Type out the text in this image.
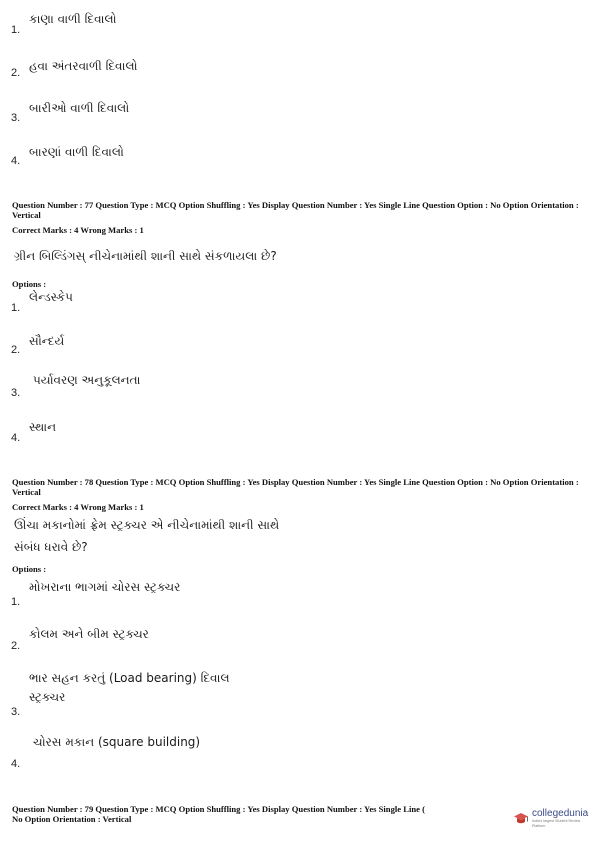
1.
કાણા વાળી દિવાલો
2. હવા અંતરવાળી દિવાલો
3.
બારીઓ વાળી દિવાલો
4.
બારણાં વાળી દિવાલો
Question Number : 77 Question Type : MCQ Option Shuffling : Yes Display Question Number : Yes Single Line Question Option : No Option Orientation : Vertical
Correct Marks : 4 Wrong Marks : 1
ગ્રીન બિલ્ડિંગસ્ નીચેનામાંથી શાની સાથે સંકળાયલા છે?
Options :
1.
લેન્ડસ્કેપ
2.
સૌન્દર્ય
3.
પર્યાવરણ અનુકૂલનતા
4.
સ્થાન
Question Number : 78 Question Type : MCQ Option Shuffling : Yes Display Question Number : Yes Single Line Question Option : No Option Orientation : Vertical
Correct Marks : 4 Wrong Marks : 1
ઊંચા મકાનોમાં ફ્રેમ સ્ટ્રક્ચર એ નીચેનામાંથી શાની સાથે
સંબંધ ધરાવે છે?
Options :
1.
મોખરાના ભાગમાં ચોરસ સ્ટ્રક્ચર
2.
કોલમ અને બીમ સ્ટ્રક્ચર
3.
ભાર સહન કરતું (Load bearing) દિવાલ
સ્ટ્રક્ચર
4.
ચોરસ મકાન (square building)
Question Number : 79 Question Type : MCQ Option Shuffling : Yes Display Question Number : Yes Single Line (
No Option Orientation : Vertical	collegedunia
India's largest Student Review Platform
